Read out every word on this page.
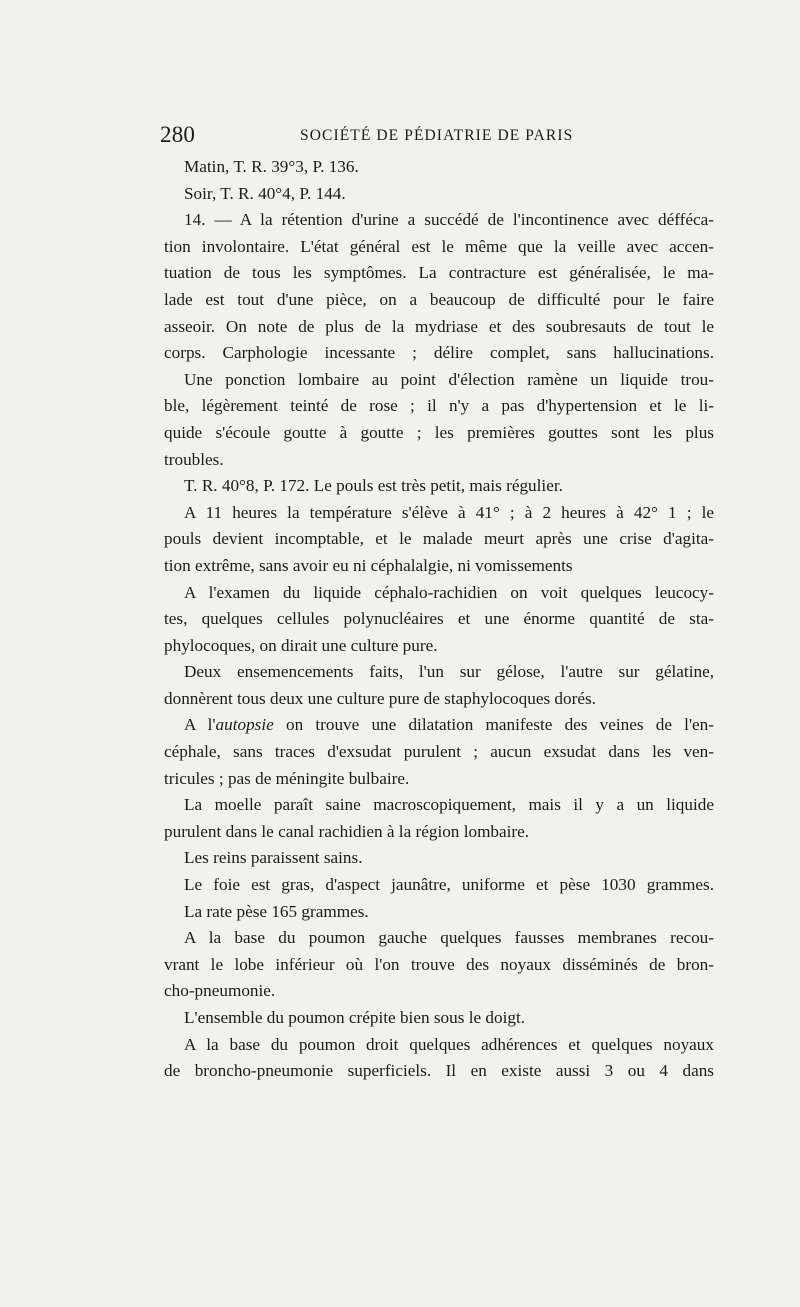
280	SOCIÉTÉ DE PÉDIATRIE DE PARIS
Matin, T. R. 39°3, P. 136.
Soir, T. R. 40°4, P. 144.
14. — A la rétention d'urine a succédé de l'incontinence avec défféca-
tion involontaire. L'état général est le même que la veille avec accen-
tuation de tous les symptômes. La contracture est généralisée, le ma-
lade est tout d'une pièce, on a beaucoup de difficulté pour le faire
asseoir. On note de plus de la mydriase et des soubresauts de tout le
corps. Carphologie incessante ; délire complet, sans hallucinations.
Une ponction lombaire au point d'élection ramène un liquide trou-
ble, légèrement teinté de rose ; il n'y a pas d'hypertension et le li-
quide s'écoule goutte à goutte ; les premières gouttes sont les plus
troubles.
T. R. 40°8, P. 172. Le pouls est très petit, mais régulier.
A 11 heures la température s'élève à 41° ; à 2 heures à 42° 1 ; le
pouls devient incomptable, et le malade meurt après une crise d'agita-
tion extrême, sans avoir eu ni céphalalgie, ni vomissements
A l'examen du liquide céphalo-rachidien on voit quelques leucocy-
tes, quelques cellules polynucléaires et une énorme quantité de sta-
phylocoques, on dirait une culture pure.
Deux ensemencements faits, l'un sur gélose, l'autre sur gélatine,
donnèrent tous deux une culture pure de staphylocoques dorés.
A l'autopsie on trouve une dilatation manifeste des veines de l'en-
céphale, sans traces d'exsudat purulent ; aucun exsudat dans les ven-
tricules ; pas de méningite bulbaire.
La moelle paraît saine macroscopiquement, mais il y a un liquide
purulent dans le canal rachidien à la région lombaire.
Les reins paraissent sains.
Le foie est gras, d'aspect jaunâtre, uniforme et pèse 1030 grammes.
La rate pèse 165 grammes.
A la base du poumon gauche quelques fausses membranes recou-
vrant le lobe inférieur où l'on trouve des noyaux disséminés de bron-
cho-pneumonie.
L'ensemble du poumon crépite bien sous le doigt.
A la base du poumon droit quelques adhérences et quelques noyaux
de broncho-pneumonie superficiels. Il en existe aussi 3 ou 4 dans
